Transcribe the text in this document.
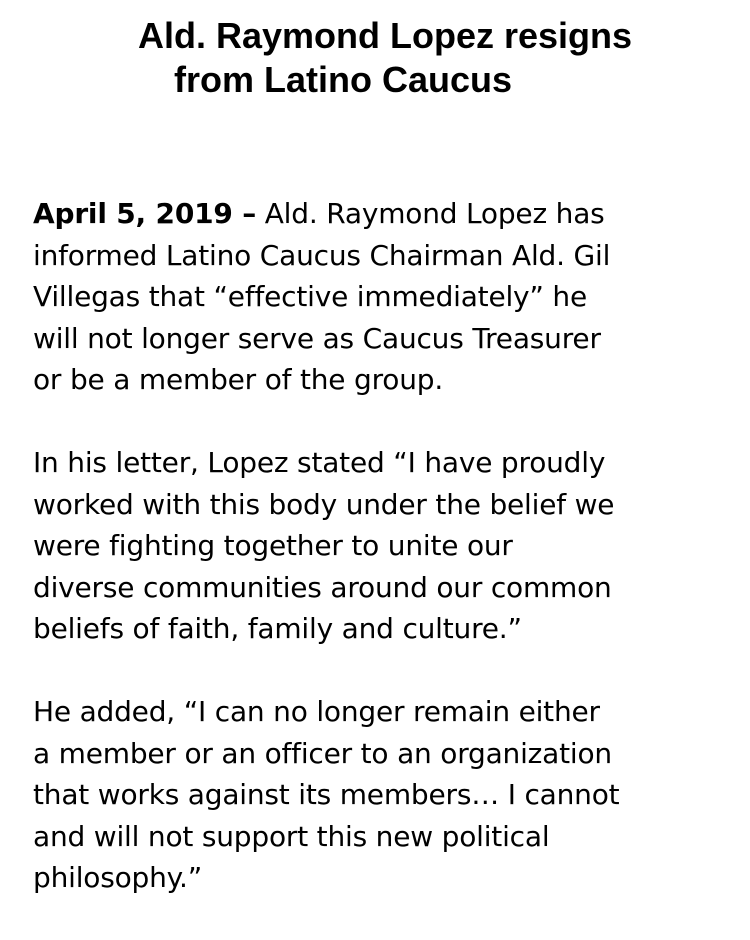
Ald. Raymond Lopez resigns
from Latino Caucus

April 5, 2019 – Ald. Raymond Lopez has
informed Latino Caucus Chairman Ald. Gil
Villegas that “effective immediately” he
will not longer serve as Caucus Treasurer
or be a member of the group.

In his letter, Lopez stated “I have proudly
worked with this body under the belief we
were fighting together to unite our
diverse communities around our common
beliefs of faith, family and culture.”

He added, “I can no longer remain either
a member or an officer to an organization
that works against its members… I cannot
and will not support this new political
philosophy.”
